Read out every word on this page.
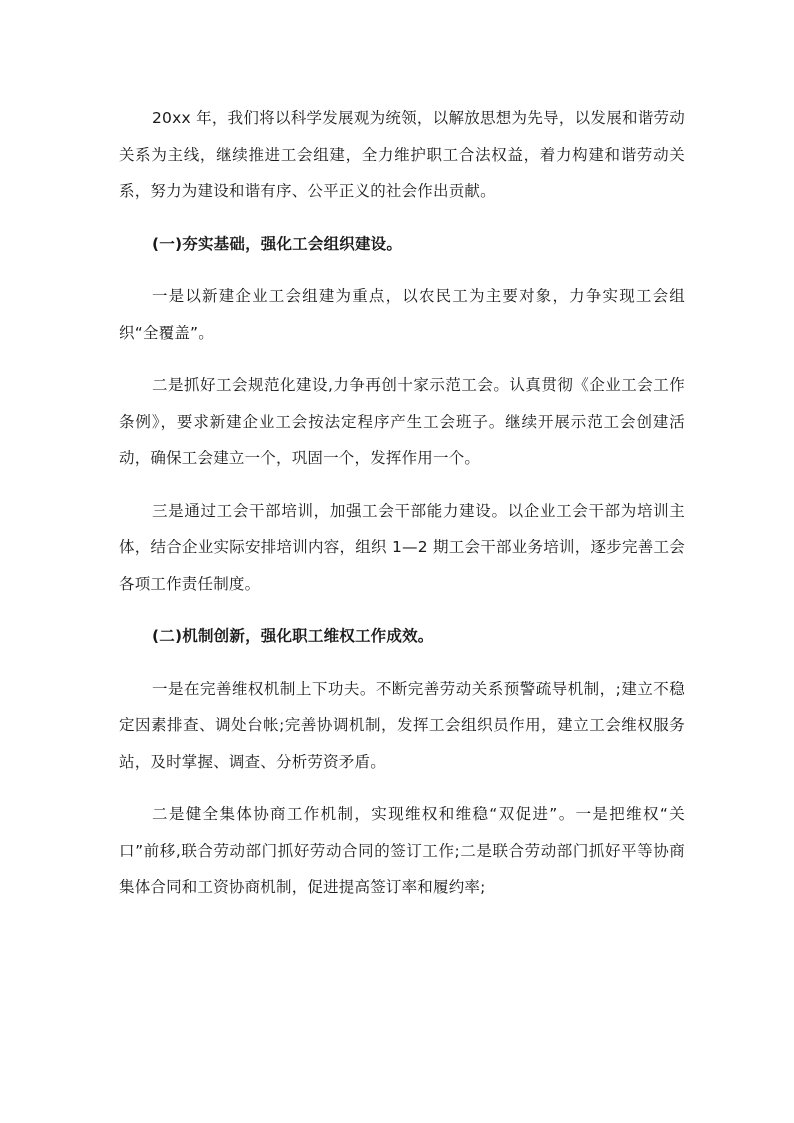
20xx 年，我们将以科学发展观为统领，以解放思想为先导，以发展和谐劳动关系为主线，继续推进工会组建，全力维护职工合法权益，着力构建和谐劳动关系，努力为建设和谐有序、公平正义的社会作出贡献。

(一)夯实基础，强化工会组织建设。

一是以新建企业工会组建为重点，以农民工为主要对象，力争实现工会组织“全覆盖”。

二是抓好工会规范化建设,力争再创十家示范工会。认真贯彻《企业工会工作条例》，要求新建企业工会按法定程序产生工会班子。继续开展示范工会创建活动，确保工会建立一个，巩固一个，发挥作用一个。

三是通过工会干部培训，加强工会干部能力建设。以企业工会干部为培训主体，结合企业实际安排培训内容，组织 1—2 期工会干部业务培训，逐步完善工会各项工作责任制度。

(二)机制创新，强化职工维权工作成效。

一是在完善维权机制上下功夫。不断完善劳动关系预警疏导机制，;建立不稳定因素排查、调处台帐;完善协调机制，发挥工会组织员作用，建立工会维权服务站，及时掌握、调查、分析劳资矛盾。

二是健全集体协商工作机制，实现维权和维稳“双促进”。一是把维权“关口”前移,联合劳动部门抓好劳动合同的签订工作;二是联合劳动部门抓好平等协商集体合同和工资协商机制，促进提高签订率和履约率;
